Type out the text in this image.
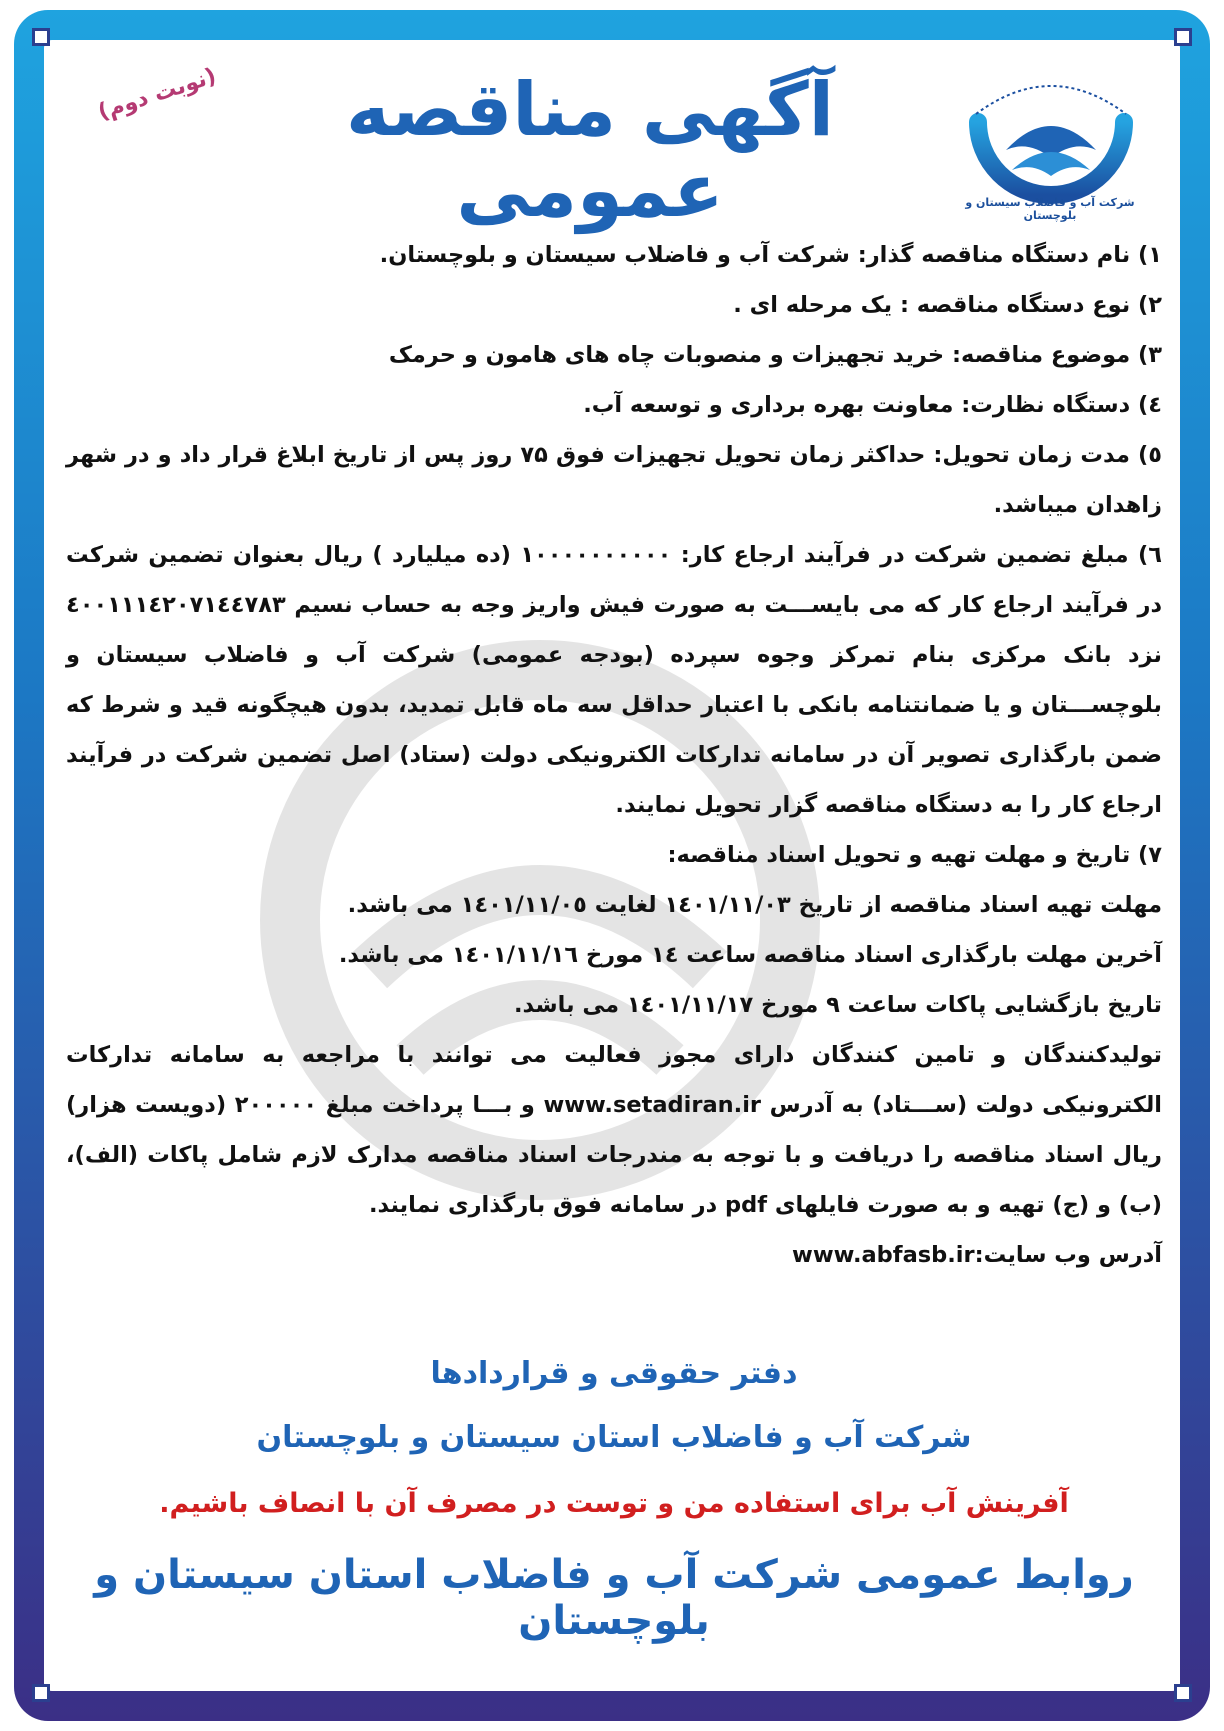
شرکت آب و فاضلاب سیستان و بلوچستان
آگهی مناقصه عمومی
(نوبت دوم)

۱) نام دستگاه مناقصه گذار: شرکت آب و فاضلاب سیستان و بلوچستان.

۲) نوع دستگاه مناقصه : یک مرحله ای .

۳) موضوع مناقصه: خرید تجهیزات و منصوبات چاه های هامون و حرمک

٤) دستگاه نظارت: معاونت بهره برداری و توسعه آب.

٥) مدت زمان تحویل: حداکثر زمان تحویل تجهیزات فوق ۷۵ روز پس از تاریخ ابلاغ قرار داد و در شهر زاهدان میباشد.

٦) مبلغ تضمین شرکت در فرآیند ارجاع کار: ۱۰۰۰۰۰۰۰۰۰۰ (ده میلیارد ) ریال بعنوان تضمین شرکت در فرآیند ارجاع کار که می بایســـت به صورت فیش واریز وجه به حساب نسیم ٤۰۰۱۱۱٤۲۰۷۱٤٤۷۸۳ نزد بانک مرکزی بنام تمرکز وجوه سپرده (بودجه عمومی) شرکت آب و فاضلاب سیستان و بلوچســـتان و یا ضمانتنامه بانکی با اعتبار حداقل سه ماه قابل تمدید، بدون هیچگونه قید و شرط که ضمن بارگذاری تصویر آن در سامانه تدارکات الکترونیکی دولت (ستاد) اصل تضمین شرکت در فرآیند ارجاع کار را به دستگاه مناقصه گزار تحویل نمایند.

۷) تاریخ و مهلت تهیه و تحویل اسناد مناقصه:

مهلت تهیه اسناد مناقصه از تاریخ ۱٤۰۱/۱۱/۰۳ لغایت ۱٤۰۱/۱۱/۰٥ می باشد.

آخرین مهلت بارگذاری اسناد مناقصه ساعت ١٤ مورخ ۱٤۰۱/۱۱/١٦ می باشد.

تاریخ بازگشایی پاکات ساعت ۹ مورخ ۱٤۰۱/۱۱/۱۷ می باشد.

تولیدکنندگان و تامین کنندگان دارای مجوز فعالیت می توانند با مراجعه به سامانه تدارکات الکترونیکی دولت (ســـتاد) به آدرس www.setadiran.ir و بـــا پرداخت مبلغ ۲۰۰۰۰۰ (دویست هزار) ریال اسناد مناقصه را دریافت و با توجه به مندرجات اسناد مناقصه مدارک لازم شامل پاکات (الف)، (ب) و (ج) تهیه و به صورت فایلهای pdf در سامانه فوق بارگذاری نمایند.

آدرس وب سایت:www.abfasb.ir

دفتر حقوقی و قراردادها
شرکت آب و فاضلاب استان سیستان و بلوچستان
آفرینش آب برای استفاده من و توست در مصرف آن با انصاف باشیم.
روابط عمومی شرکت آب و فاضلاب استان سیستان و بلوچستان
